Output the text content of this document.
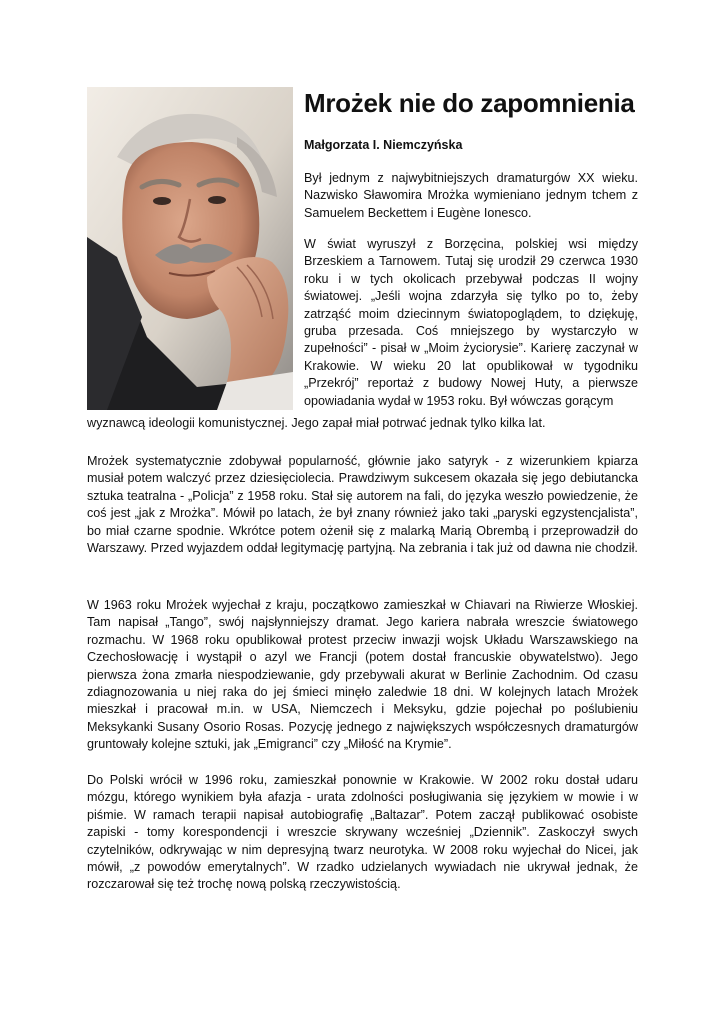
Mrożek nie do zapomnienia

Małgorzata I. Niemczyńska

Był jednym z najwybitniejszych dramaturgów XX wieku. Nazwisko Sławomira Mrożka wymieniano jednym tchem z Samuelem Beckettem i Eugène Ionesco.

W świat wyruszył z Borzęcina, polskiej wsi między Brzeskiem a Tarnowem. Tutaj się urodził 29 czerwca 1930 roku i w tych okolicach przebywał podczas II wojny światowej. „Jeśli wojna zdarzyła się tylko po to, żeby zatrząść moim dziecinnym światopoglądem, to dziękuję, gruba przesada. Coś mniejszego by wystarczyło w zupełności” - pisał w „Moim życiorysie”. Karierę zaczynał w Krakowie. W wieku 20 lat opublikował w tygodniku „Przekrój” reportaż z budowy Nowej Huty, a pierwsze opowiadania wydał w 1953 roku. Był wówczas gorącym

wyznawcą ideologii komunistycznej. Jego zapał miał potrwać jednak tylko kilka lat.

Mrożek systematycznie zdobywał popularność, głównie jako satyryk - z wizerunkiem kpiarza musiał potem walczyć przez dziesięciolecia. Prawdziwym sukcesem okazała się jego debiutancka sztuka teatralna - „Policja” z 1958 roku. Stał się autorem na fali, do języka weszło powiedzenie, że coś jest „jak z Mrożka”. Mówił po latach, że był znany również jako taki „paryski egzystencjalista”, bo miał czarne spodnie. Wkrótce potem ożenił się z malarką Marią Obrembą i przeprowadził do Warszawy. Przed wyjazdem oddał legitymację partyjną. Na zebrania i tak już od dawna nie chodził.

W 1963 roku Mrożek wyjechał z kraju, początkowo zamieszkał w Chiavari na Riwierze Włoskiej. Tam napisał „Tango”, swój najsłynniejszy dramat. Jego kariera nabrała wreszcie światowego rozmachu. W 1968 roku opublikował protest przeciw inwazji wojsk Układu Warszawskiego na Czechosłowację i wystąpił o azyl we Francji (potem dostał francuskie obywatelstwo). Jego pierwsza żona zmarła niespodziewanie, gdy przebywali akurat w Berlinie Zachodnim. Od czasu zdiagnozowania u niej raka do jej śmieci minęło zaledwie 18 dni. W kolejnych latach Mrożek mieszkał i pracował m.in. w USA, Niemczech i Meksyku, gdzie pojechał po poślubieniu Meksykanki Susany Osorio Rosas. Pozycję jednego z największych współczesnych dramaturgów gruntowały kolejne sztuki, jak „Emigranci” czy „Miłość na Krymie”.

Do Polski wrócił w 1996 roku, zamieszkał ponownie w Krakowie. W 2002 roku dostał udaru mózgu, którego wynikiem była afazja - urata zdolności posługiwania się językiem w mowie i w piśmie. W ramach terapii napisał autobiografię „Baltazar”. Potem zaczął publikować osobiste zapiski - tomy korespondencji i wreszcie skrywany wcześniej „Dziennik”. Zaskoczył swych czytelników, odkrywając w nim depresyjną twarz neurotyka. W 2008 roku wyjechał do Nicei, jak mówił, „z powodów emerytalnych”. W rzadko udzielanych wywiadach nie ukrywał jednak, że rozczarował się też trochę nową polską rzeczywistością.
